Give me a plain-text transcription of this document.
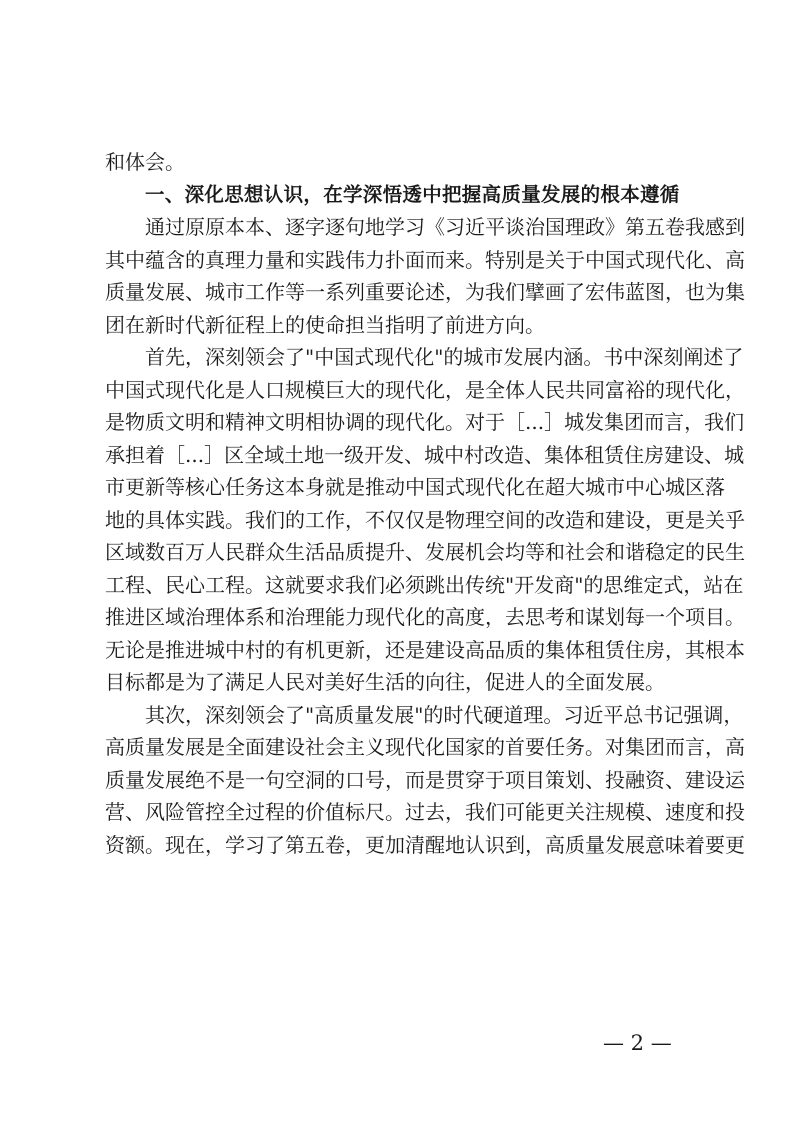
和体会。
一、深化思想认识，在学深悟透中把握高质量发展的根本遵循
通过原原本本、逐字逐句地学习《习近平谈治国理政》第五卷我感到
其中蕴含的真理力量和实践伟力扑面而来。特别是关于中国式现代化、高
质量发展、城市工作等一系列重要论述，为我们擘画了宏伟蓝图，也为集
团在新时代新征程上的使命担当指明了前进方向。
首先，深刻领会了"中国式现代化"的城市发展内涵。书中深刻阐述了
中国式现代化是人口规模巨大的现代化，是全体人民共同富裕的现代化，
是物质文明和精神文明相协调的现代化。对于［...］城发集团而言，我们
承担着［...］区全域土地一级开发、城中村改造、集体租赁住房建设、城
市更新等核心任务这本身就是推动中国式现代化在超大城市中心城区落
地的具体实践。我们的工作，不仅仅是物理空间的改造和建设，更是关乎
区域数百万人民群众生活品质提升、发展机会均等和社会和谐稳定的民生
工程、民心工程。这就要求我们必须跳出传统"开发商"的思维定式，站在
推进区域治理体系和治理能力现代化的高度，去思考和谋划每一个项目。
无论是推进城中村的有机更新，还是建设高品质的集体租赁住房，其根本
目标都是为了满足人民对美好生活的向往，促进人的全面发展。
其次，深刻领会了"高质量发展"的时代硬道理。习近平总书记强调，
高质量发展是全面建设社会主义现代化国家的首要任务。对集团而言，高
质量发展绝不是一句空洞的口号，而是贯穿于项目策划、投融资、建设运
营、风险管控全过程的价值标尺。过去，我们可能更关注规模、速度和投
资额。现在，学习了第五卷，更加清醒地认识到，高质量发展意味着要更
— 2 —
